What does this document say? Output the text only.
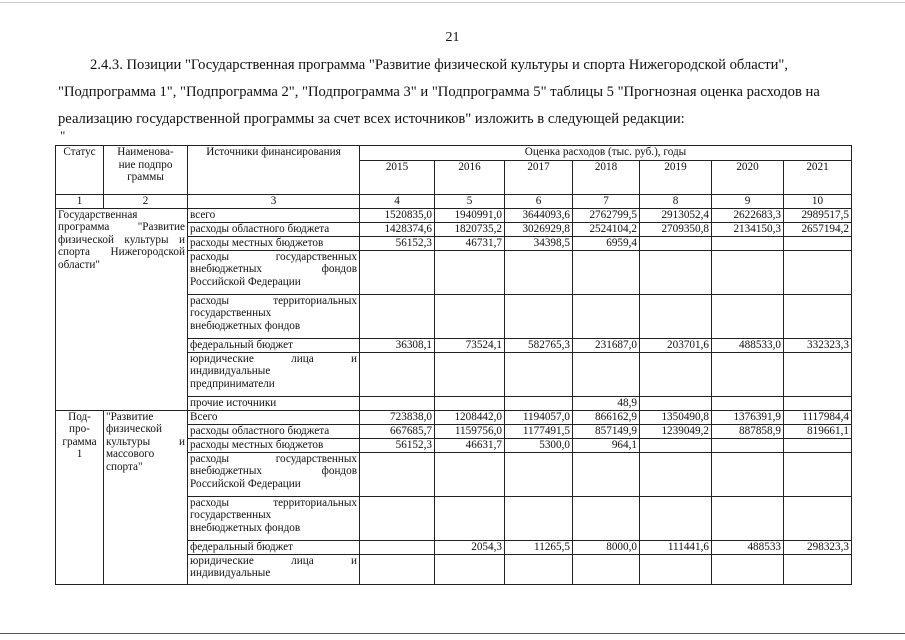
21
2.4.3. Позиции "Государственная программа "Развитие физической культуры и спорта Нижегородской области",
"Подпрограмма 1", "Подпрограмма 2", "Подпрограмма 3" и "Подпрограмма 5" таблицы 5 "Прогнозная оценка расходов на
реализацию государственной программы за счет всех источников" изложить в следующей редакции:
"
Статус	Наименова-
ние подпро
граммы	Источники финансирования	Оценка расходов (тыс. руб.), годы						
			2015	2016	2017	2018	2019	2020	2021
1	2	3	4	5	6	7	8	9	10

Государственная
программа "Развитие
физической культуры и
спорта Нижегородской
области"		всего	1520835,0	1940991,0	3644093,6	2762799,5	2913052,4	2622683,3	2989517,5
		расходы областного бюджета	1428374,6	1820735,2	3026929,8	2524104,2	2709350,8	2134150,3	2657194,2
		расходы местных бюджетов	56152,3	46731,7	34398,5	6959,4			

		расходы государственных
внебюджетных фондов
Российской Федерации							

		расходы территориальных
государственных
внебюджетных фондов							

		федеральный бюджет	36308,1	73524,1	582765,3	231687,0	203701,6	488533,0	332323,3

		юридические лица и
индивидуальные
предприниматели							

		прочие источники				48,9			

Под-
про-
грамма
1	"Развитие
физической
культуры и
массового
спорта"	Всего	723838,0	1208442,0	1194057,0	866162,9	1350490,8	1376391,9	1117984,4
		расходы областного бюджета	667685,7	1159756,0	1177491,5	857149,9	1239049,2	887858,9	819661,1
		расходы местных бюджетов	56152,3	46631,7	5300,0	964,1			

		расходы государственных
внебюджетных фондов
Российской Федерации							

		расходы территориальных
государственных
внебюджетных фондов							

		федеральный бюджет		2054,3	11265,5	8000,0	111441,6	488533	298323,3

		юридические лица и
индивидуальные							
